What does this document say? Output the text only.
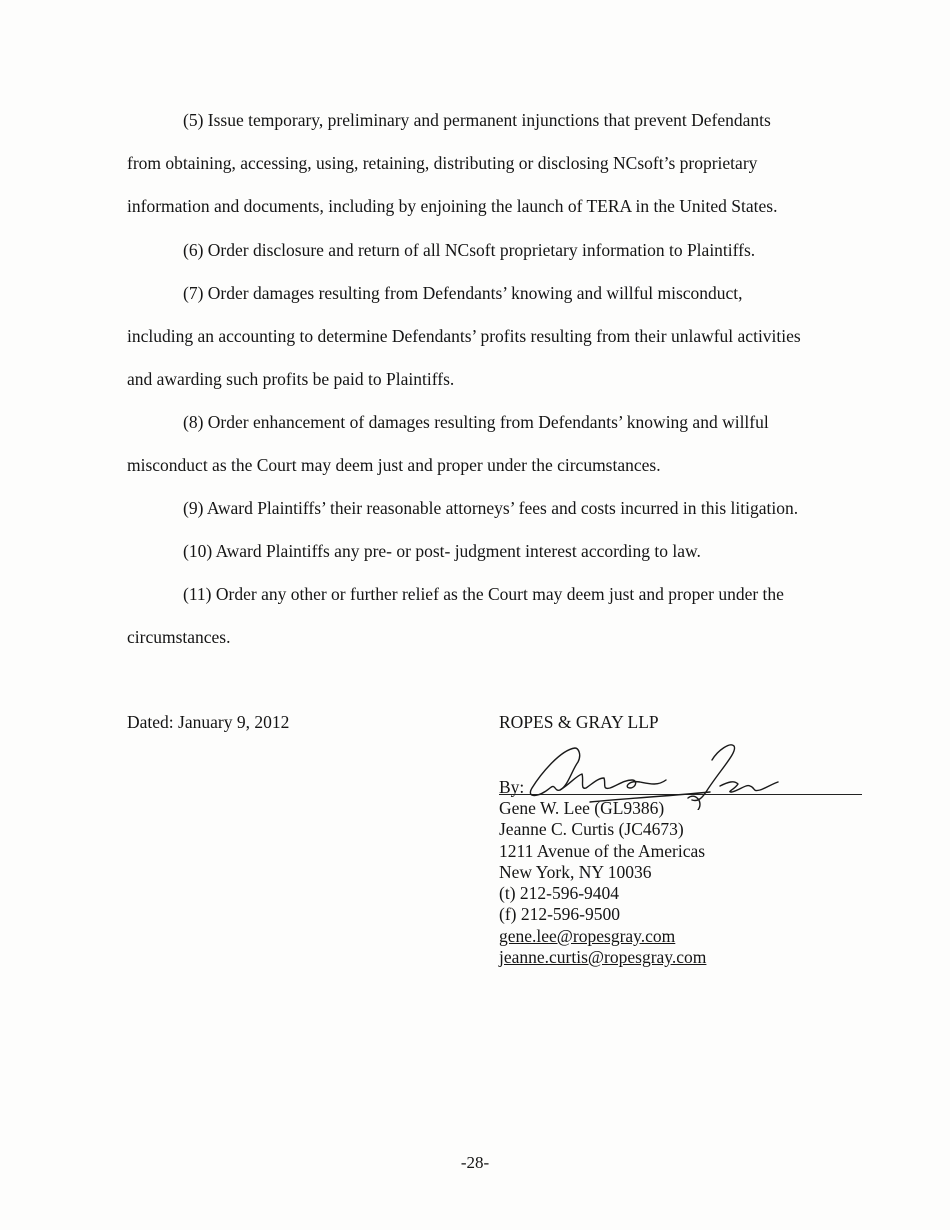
(5) Issue temporary, preliminary and permanent injunctions that prevent Defendants
from obtaining, accessing, using, retaining, distributing or disclosing NCsoft’s proprietary
information and documents, including by enjoining the launch of TERA in the United States.

(6) Order disclosure and return of all NCsoft proprietary information to Plaintiffs.

(7) Order damages resulting from Defendants’ knowing and willful misconduct,
including an accounting to determine Defendants’ profits resulting from their unlawful activities
and awarding such profits be paid to Plaintiffs.

(8) Order enhancement of damages resulting from Defendants’ knowing and willful
misconduct as the Court may deem just and proper under the circumstances.

(9) Award Plaintiffs’ their reasonable attorneys’ fees and costs incurred in this litigation.

(10) Award Plaintiffs any pre- or post- judgment interest according to law.

(11) Order any other or further relief as the Court may deem just and proper under the
circumstances.

Dated: January 9, 2012	ROPES & GRAY LLP
By:
Gene W. Lee (GL9386)
Jeanne C. Curtis (JC4673)
1211 Avenue of the Americas
New York, NY 10036
(t) 212-596-9404
(f) 212-596-9500
gene.lee@ropesgray.com
jeanne.curtis@ropesgray.com
-28-
